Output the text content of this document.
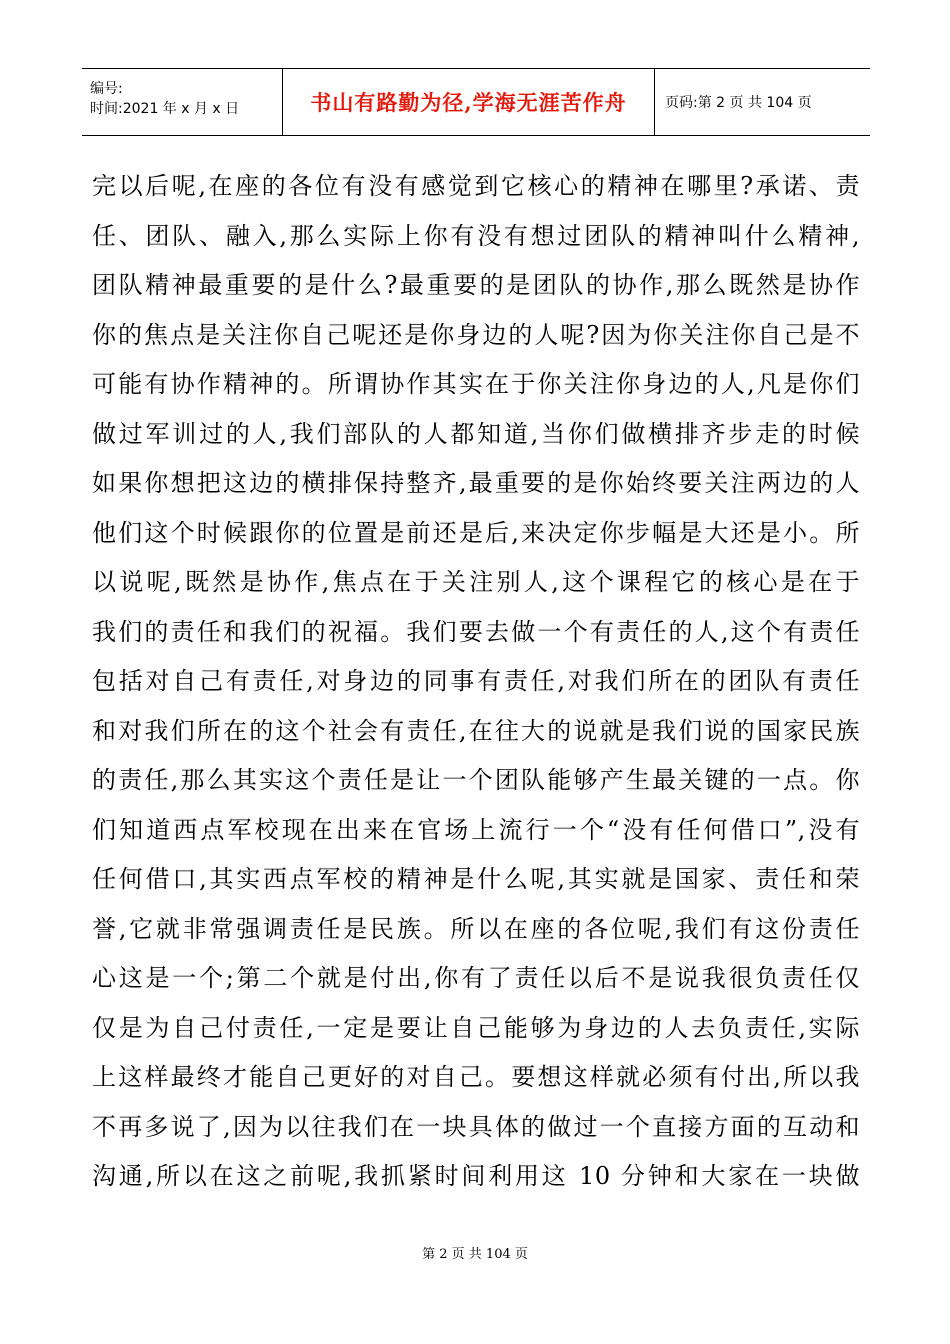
编号:
时间:2021 年 x 月 x 日	书山有路勤为径,学海无涯苦作舟	页码:第 2 页 共 104 页
完以后呢,在座的各位有没有感觉到它核心的精神在哪里?承诺、责
任、团队、融入,那么实际上你有没有想过团队的精神叫什么精神,
团队精神最重要的是什么?最重要的是团队的协作,那么既然是协作
你的焦点是关注你自己呢还是你身边的人呢?因为你关注你自己是不
可能有协作精神的。所谓协作其实在于你关注你身边的人,凡是你们
做过军训过的人,我们部队的人都知道,当你们做横排齐步走的时候
如果你想把这边的横排保持整齐,最重要的是你始终要关注两边的人
他们这个时候跟你的位置是前还是后,来决定你步幅是大还是小。所
以说呢,既然是协作,焦点在于关注别人,这个课程它的核心是在于
我们的责任和我们的祝福。我们要去做一个有责任的人,这个有责任
包括对自己有责任,对身边的同事有责任,对我们所在的团队有责任
和对我们所在的这个社会有责任,在往大的说就是我们说的国家民族
的责任,那么其实这个责任是让一个团队能够产生最关键的一点。你
们知道西点军校现在出来在官场上流行一个“没有任何借口”,没有
任何借口,其实西点军校的精神是什么呢,其实就是国家、责任和荣
誉,它就非常强调责任是民族。所以在座的各位呢,我们有这份责任
心这是一个;第二个就是付出,你有了责任以后不是说我很负责任仅
仅是为自己付责任,一定是要让自己能够为身边的人去负责任,实际
上这样最终才能自己更好的对自己。要想这样就必须有付出,所以我
不再多说了,因为以往我们在一块具体的做过一个直接方面的互动和
沟通,所以在这之前呢,我抓紧时间利用这 10 分钟和大家在一块做
第 2 页 共 104 页
